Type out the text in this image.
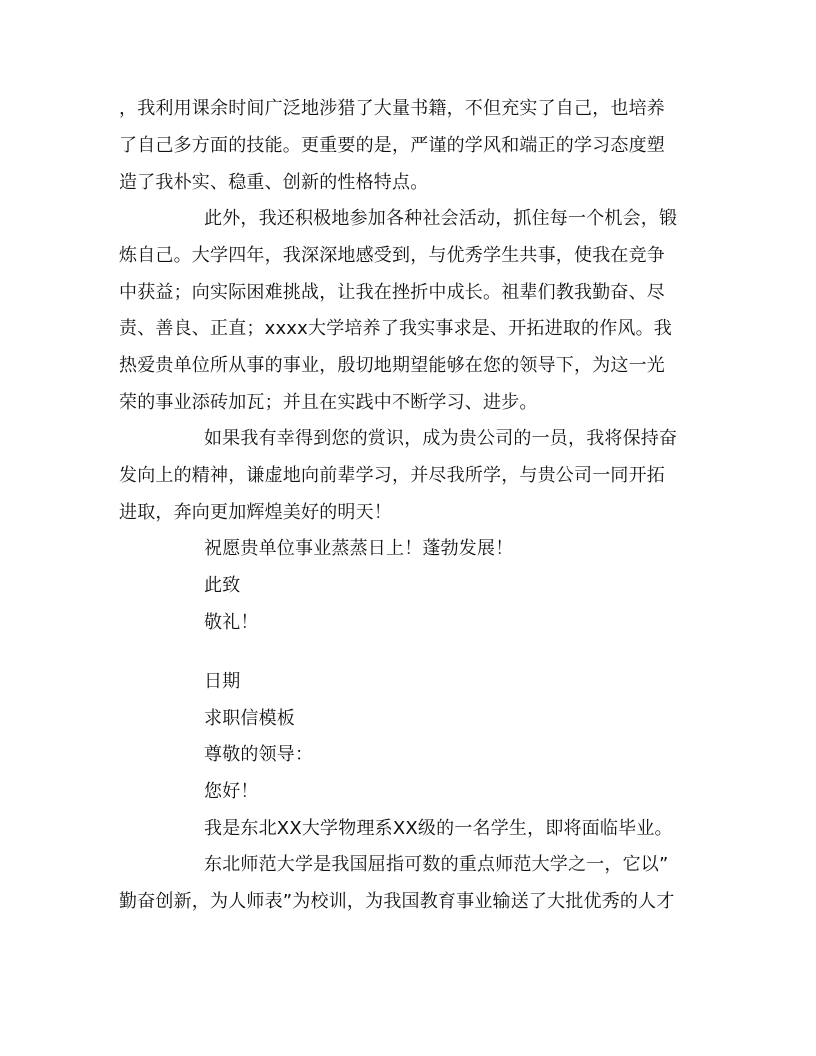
，我利用课余时间广泛地涉猎了大量书籍，不但充实了自己，也培养
了自己多方面的技能。更重要的是，严谨的学风和端正的学习态度塑
造了我朴实、稳重、创新的性格特点。
此外，我还积极地参加各种社会活动，抓住每一个机会，锻
炼自己。大学四年，我深深地感受到，与优秀学生共事，使我在竞争
中获益；向实际困难挑战，让我在挫折中成长。祖辈们教我勤奋、尽
责、善良、正直；xxxx大学培养了我实事求是、开拓进取的作风。我
热爱贵单位所从事的事业，殷切地期望能够在您的领导下，为这一光
荣的事业添砖加瓦；并且在实践中不断学习、进步。
如果我有幸得到您的赏识，成为贵公司的一员，我将保持奋
发向上的精神，谦虚地向前辈学习，并尽我所学，与贵公司一同开拓
进取，奔向更加辉煌美好的明天！
祝愿贵单位事业蒸蒸日上！蓬勃发展！
此致
敬礼！
日期
求职信模板
尊敬的领导：
您好！
我是东北XX大学物理系XX级的一名学生，即将面临毕业。
东北师范大学是我国屈指可数的重点师范大学之一，它以”
勤奋创新，为人师表”为校训，为我国教育事业输送了大批优秀的人才
